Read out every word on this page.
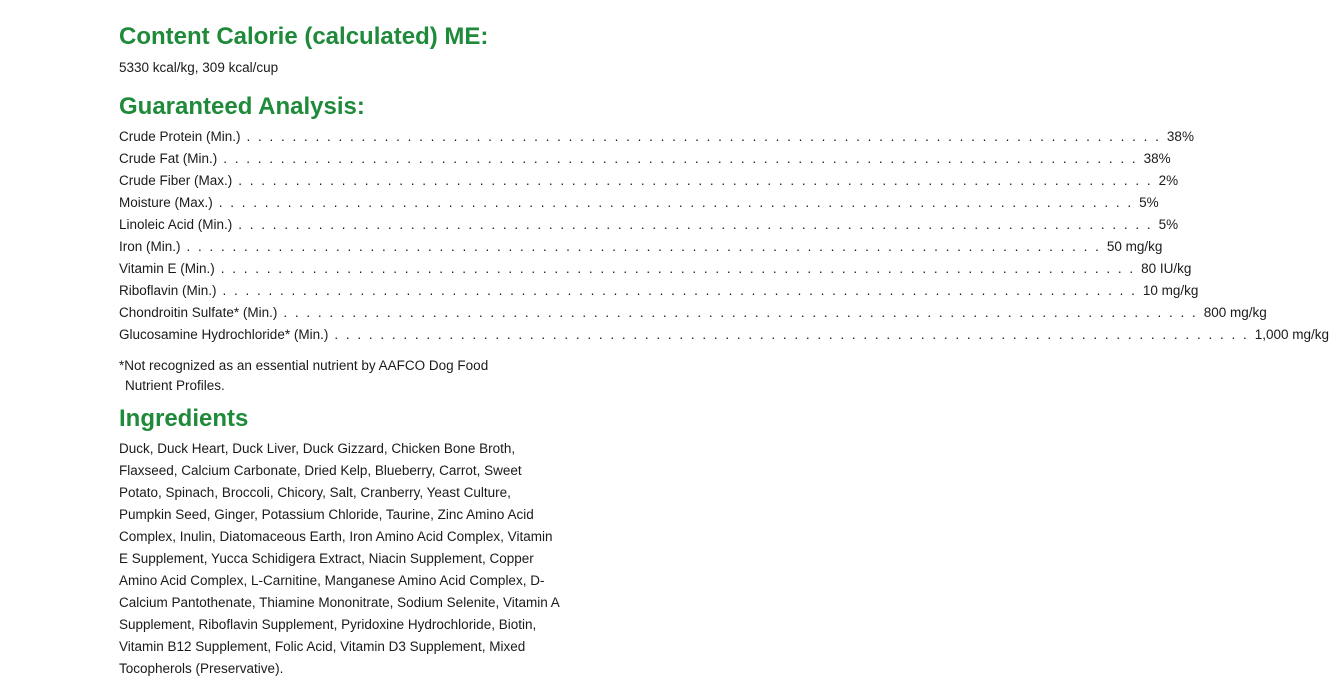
Content Calorie (calculated) ME:

5330 kcal/kg, 309 kcal/cup

Guaranteed Analysis:
Crude Protein (Min.) . . . . . . . . . . . . . . . . . . . . . . . . . . . . . . . . . . . . . . . . . . . . . . . . . . . . . . . . . . . . . . . . . . . . . . . . . . . . . . . . 38%
Crude Fat (Min.) . . . . . . . . . . . . . . . . . . . . . . . . . . . . . . . . . . . . . . . . . . . . . . . . . . . . . . . . . . . . . . . . . . . . . . . . . . . . . . . . 38%
Crude Fiber (Max.) . . . . . . . . . . . . . . . . . . . . . . . . . . . . . . . . . . . . . . . . . . . . . . . . . . . . . . . . . . . . . . . . . . . . . . . . . . . . . . . . 2%
Moisture (Max.) . . . . . . . . . . . . . . . . . . . . . . . . . . . . . . . . . . . . . . . . . . . . . . . . . . . . . . . . . . . . . . . . . . . . . . . . . . . . . . . . 5%
Linoleic Acid (Min.) . . . . . . . . . . . . . . . . . . . . . . . . . . . . . . . . . . . . . . . . . . . . . . . . . . . . . . . . . . . . . . . . . . . . . . . . . . . . . . . . 5%
Iron (Min.) . . . . . . . . . . . . . . . . . . . . . . . . . . . . . . . . . . . . . . . . . . . . . . . . . . . . . . . . . . . . . . . . . . . . . . . . . . . . . . . . 50 mg/kg
Vitamin E (Min.) . . . . . . . . . . . . . . . . . . . . . . . . . . . . . . . . . . . . . . . . . . . . . . . . . . . . . . . . . . . . . . . . . . . . . . . . . . . . . . . . 80 IU/kg
Riboflavin (Min.) . . . . . . . . . . . . . . . . . . . . . . . . . . . . . . . . . . . . . . . . . . . . . . . . . . . . . . . . . . . . . . . . . . . . . . . . . . . . . . . . 10 mg/kg
Chondroitin Sulfate* (Min.) . . . . . . . . . . . . . . . . . . . . . . . . . . . . . . . . . . . . . . . . . . . . . . . . . . . . . . . . . . . . . . . . . . . . . . . . . . . . . . . . 800 mg/kg
Glucosamine Hydrochloride* (Min.) . . . . . . . . . . . . . . . . . . . . . . . . . . . . . . . . . . . . . . . . . . . . . . . . . . . . . . . . . . . . . . . . . . . . . . . . . . . . . . . . 1,000 mg/kg

*Not recognized as an essential nutrient by AAFCO Dog Food
Nutrient Profiles.

Ingredients

Duck, Duck Heart, Duck Liver, Duck Gizzard, Chicken Bone Broth, Flaxseed, Calcium Carbonate, Dried Kelp, Blueberry, Carrot, Sweet Potato, Spinach, Broccoli, Chicory, Salt, Cranberry, Yeast Culture, Pumpkin Seed, Ginger, Potassium Chloride, Taurine, Zinc Amino Acid Complex, Inulin, Diatomaceous Earth, Iron Amino Acid Complex, Vitamin E Supplement, Yucca Schidigera Extract, Niacin Supplement, Copper Amino Acid Complex, L-Carnitine, Manganese Amino Acid Complex, D-Calcium Pantothenate, Thiamine Mononitrate, Sodium Selenite, Vitamin A Supplement, Riboflavin Supplement, Pyridoxine Hydrochloride, Biotin, Vitamin B12 Supplement, Folic Acid, Vitamin D3 Supplement, Mixed Tocopherols (Preservative).
